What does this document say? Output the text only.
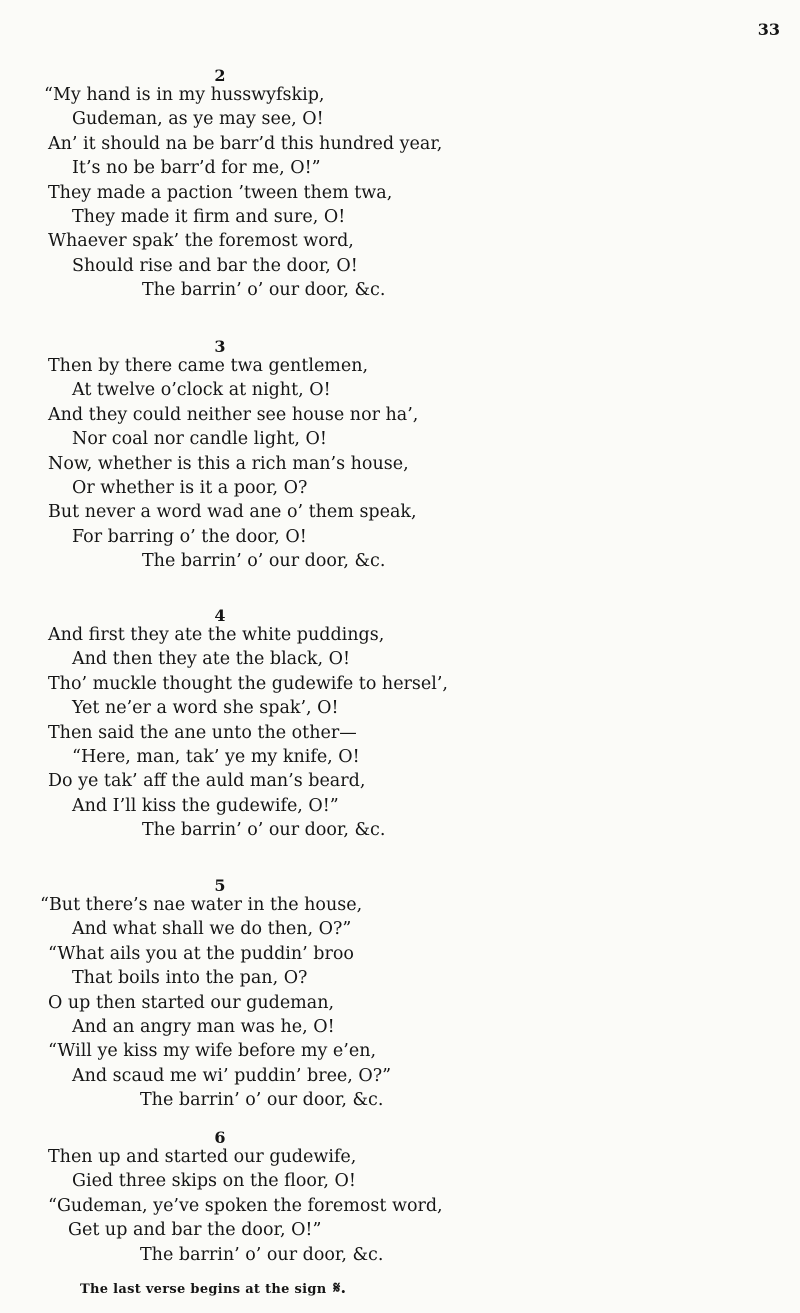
33
2
“My hand is in my husswyfskip,
Gudeman, as ye may see, O!
An’ it should na be barr’d this hundred year,
It’s no be barr’d for me, O!”
They made a paction ’tween them twa,
They made it firm and sure, O!
Whaever spak’ the foremost word,
Should rise and bar the door, O!
The barrin’ o’ our door, &c.
3
Then by there came twa gentlemen,
At twelve o’clock at night, O!
And they could neither see house nor ha’,
Nor coal nor candle light, O!
Now, whether is this a rich man’s house,
Or whether is it a poor, O?
But never a word wad ane o’ them speak,
For barring o’ the door, O!
The barrin’ o’ our door, &c.
4
And first they ate the white puddings,
And then they ate the black, O!
Tho’ muckle thought the gudewife to hersel’,
Yet ne’er a word she spak’, O!
Then said the ane unto the other—
“Here, man, tak’ ye my knife, O!
Do ye tak’ aff the auld man’s beard,
And I’ll kiss the gudewife, O!”
The barrin’ o’ our door, &c.
5
“But there’s nae water in the house,
And what shall we do then, O?”
“What ails you at the puddin’ broo
That boils into the pan, O?
O up then started our gudeman,
And an angry man was he, O!
“Will ye kiss my wife before my e’en,
And scaud me wi’ puddin’ bree, O?”
The barrin’ o’ our door, &c.
6
Then up and started our gudewife,
Gied three skips on the floor, O!
“Gudeman, ye’ve spoken the foremost word,
Get up and bar the door, O!”
The barrin’ o’ our door, &c.
The last verse begins at the sign 𝄋.
